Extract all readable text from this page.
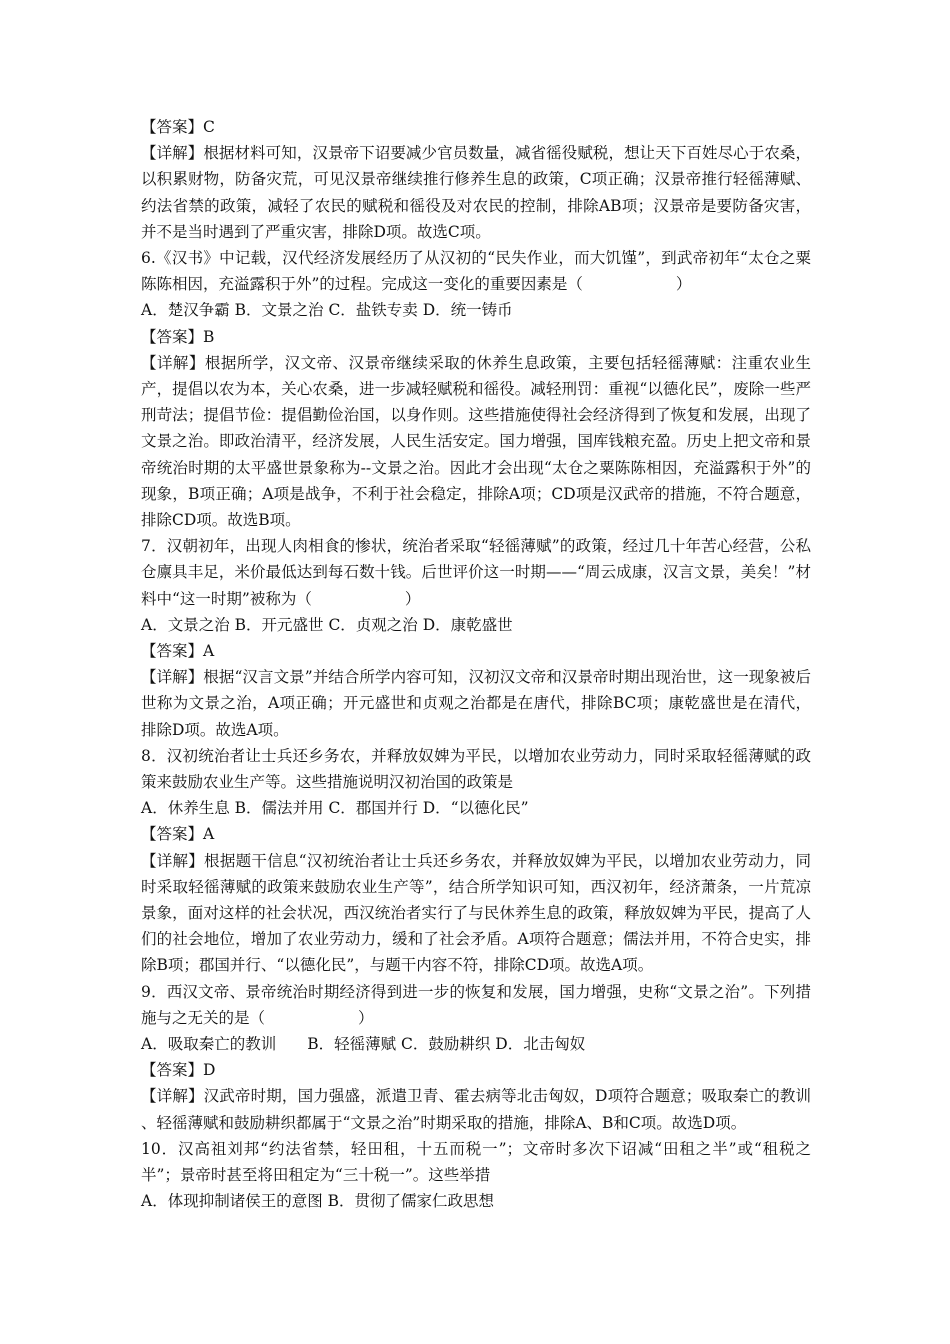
【答案】C

【详解】根据材料可知，汉景帝下诏要减少官员数量，减省徭役赋税，想让天下百姓尽心于农桑，以积累财物，防备灾荒，可见汉景帝继续推行修养生息的政策，C项正确；汉景帝推行轻徭薄赋、约法省禁的政策，减轻了农民的赋税和徭役及对农民的控制，排除AB项；汉景帝是要防备灾害，并不是当时遇到了严重灾害，排除D项。故选C项。

6.《汉书》中记载，汉代经济发展经历了从汉初的“民失作业，而大饥馑”，到武帝初年“太仓之粟陈陈相因，充溢露积于外”的过程。完成这一变化的重要因素是（　　　　　　）

A．楚汉争霸 B．文景之治 C．盐铁专卖 D．统一铸币
【答案】B

【详解】根据所学，汉文帝、汉景帝继续采取的休养生息政策，主要包括轻徭薄赋：注重农业生产，提倡以农为本，关心农桑，进一步减轻赋税和徭役。减轻刑罚：重视“以德化民”，废除一些严刑苛法；提倡节俭：提倡勤俭治国，以身作则。这些措施使得社会经济得到了恢复和发展，出现了文景之治。即政治清平，经济发展，人民生活安定。国力增强，国库钱粮充盈。历史上把文帝和景帝统治时期的太平盛世景象称为--文景之治。因此才会出现“太仓之粟陈陈相因，充溢露积于外”的现象，B项正确；A项是战争，不利于社会稳定，排除A项；CD项是汉武帝的措施，不符合题意，排除CD项。故选B项。

7．汉朝初年，出现人肉相食的惨状，统治者采取“轻徭薄赋”的政策，经过几十年苦心经营，公私仓廪具丰足，米价最低达到每石数十钱。后世评价这一时期——“周云成康，汉言文景，美矣！”材料中“这一时期”被称为（　　　　　　）

A．文景之治 B．开元盛世 C．贞观之治 D．康乾盛世
【答案】A

【详解】根据“汉言文景”并结合所学内容可知，汉初汉文帝和汉景帝时期出现治世，这一现象被后世称为文景之治，A项正确；开元盛世和贞观之治都是在唐代，排除BC项；康乾盛世是在清代，排除D项。故选A项。

8．汉初统治者让士兵还乡务农，并释放奴婢为平民，以增加农业劳动力，同时采取轻徭薄赋的政策来鼓励农业生产等。这些措施说明汉初治国的政策是

A．休养生息 B．儒法并用 C．郡国并行 D．“以德化民”
【答案】A

【详解】根据题干信息“汉初统治者让士兵还乡务农，并释放奴婢为平民，以增加农业劳动力，同时采取轻徭薄赋的政策来鼓励农业生产等”，结合所学知识可知，西汉初年，经济萧条，一片荒凉景象，面对这样的社会状况，西汉统治者实行了与民休养生息的政策，释放奴婢为平民，提高了人们的社会地位，增加了农业劳动力，缓和了社会矛盾。A项符合题意；儒法并用，不符合史实，排除B项；郡国并行、“以德化民”，与题干内容不符，排除CD项。故选A项。

9．西汉文帝、景帝统治时期经济得到进一步的恢复和发展，国力增强，史称“文景之治”。下列措施与之无关的是（　　　　　　）

A．吸取秦亡的教训　　B．轻徭薄赋 C．鼓励耕织 D．北击匈奴
【答案】D

【详解】汉武帝时期，国力强盛，派遣卫青、霍去病等北击匈奴，D项符合题意；吸取秦亡的教训 、轻徭薄赋和鼓励耕织都属于“文景之治”时期采取的措施，排除A、B和C项。故选D项。

10．汉高祖刘邦“约法省禁，轻田租，十五而税一”；文帝时多次下诏减“田租之半”或“租税之半”；景帝时甚至将田租定为“三十税一”。这些举措

A．体现抑制诸侯王的意图 B．贯彻了儒家仁政思想
